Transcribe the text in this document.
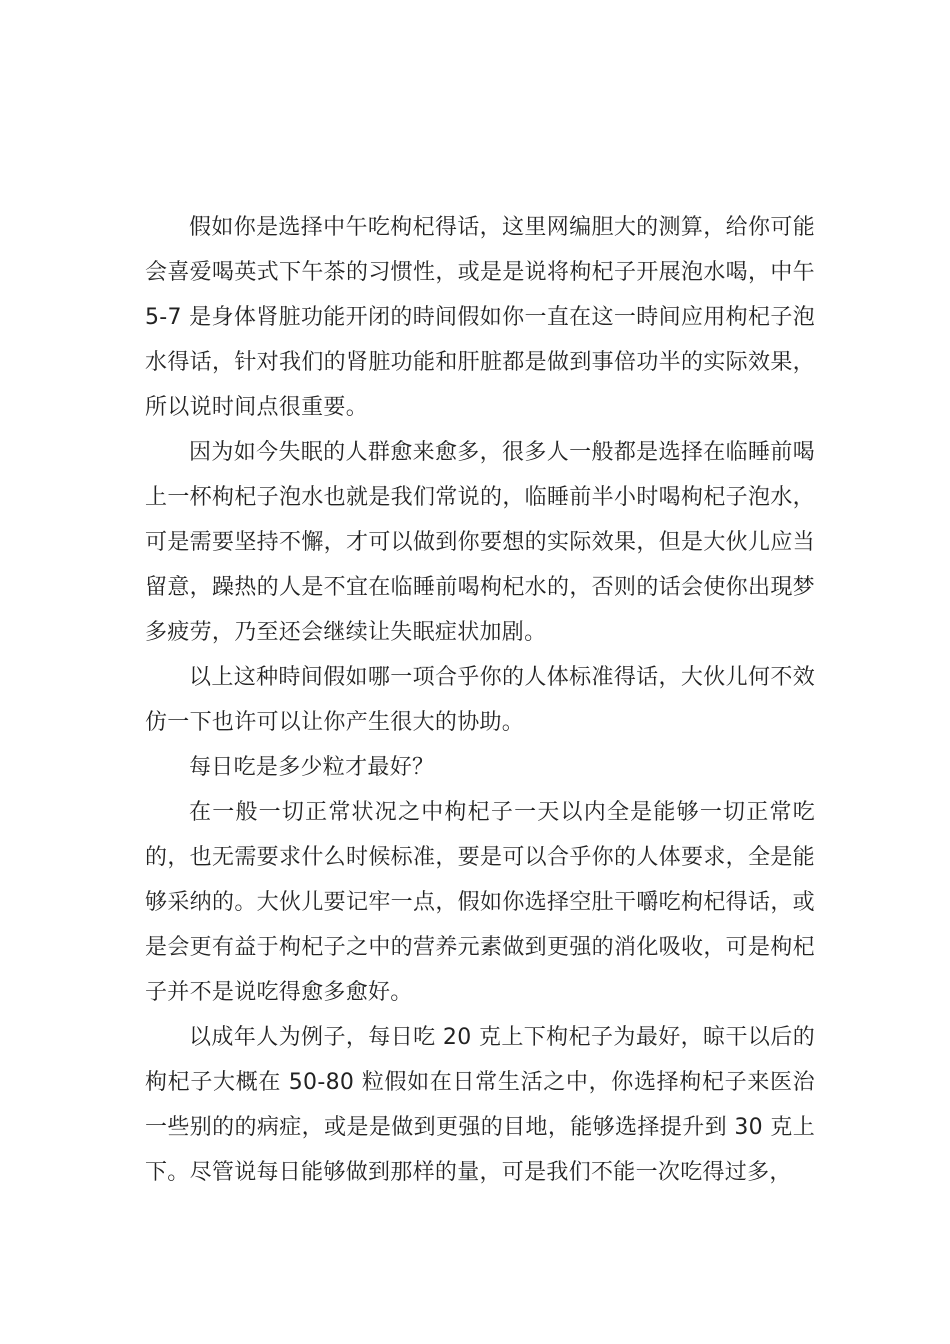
假如你是选择中午吃枸杞得话，这里网编胆大的测算，给你可能会喜爱喝英式下午茶的习惯性，或是是说将枸杞子开展泡水喝，中午 5-7 是身体肾脏功能开闭的時间假如你一直在这一時间应用枸杞子泡水得话，针对我们的肾脏功能和肝脏都是做到事倍功半的实际效果，所以说时间点很重要。

因为如今失眠的人群愈来愈多，很多人一般都是选择在临睡前喝上一杯枸杞子泡水也就是我们常说的，临睡前半小时喝枸杞子泡水，可是需要坚持不懈，才可以做到你要想的实际效果，但是大伙儿应当留意，躁热的人是不宜在临睡前喝枸杞水的，否则的话会使你出現梦多疲劳，乃至还会继续让失眠症状加剧。

以上这种時间假如哪一项合乎你的人体标准得话，大伙儿何不效仿一下也许可以让你产生很大的协助。

每日吃是多少粒才最好？

在一般一切正常状况之中枸杞子一天以内全是能够一切正常吃的，也无需要求什么时候标准，要是可以合乎你的人体要求，全是能够采纳的。大伙儿要记牢一点，假如你选择空肚干嚼吃枸杞得话，或是会更有益于枸杞子之中的营养元素做到更强的消化吸收，可是枸杞子并不是说吃得愈多愈好。

以成年人为例子，每日吃 20 克上下枸杞子为最好，晾干以后的枸杞子大概在 50-80 粒假如在日常生活之中，你选择枸杞子来医治一些别的的病症，或是是做到更强的目地，能够选择提升到 30 克上下。尽管说每日能够做到那样的量，可是我们不能一次吃得过多，
